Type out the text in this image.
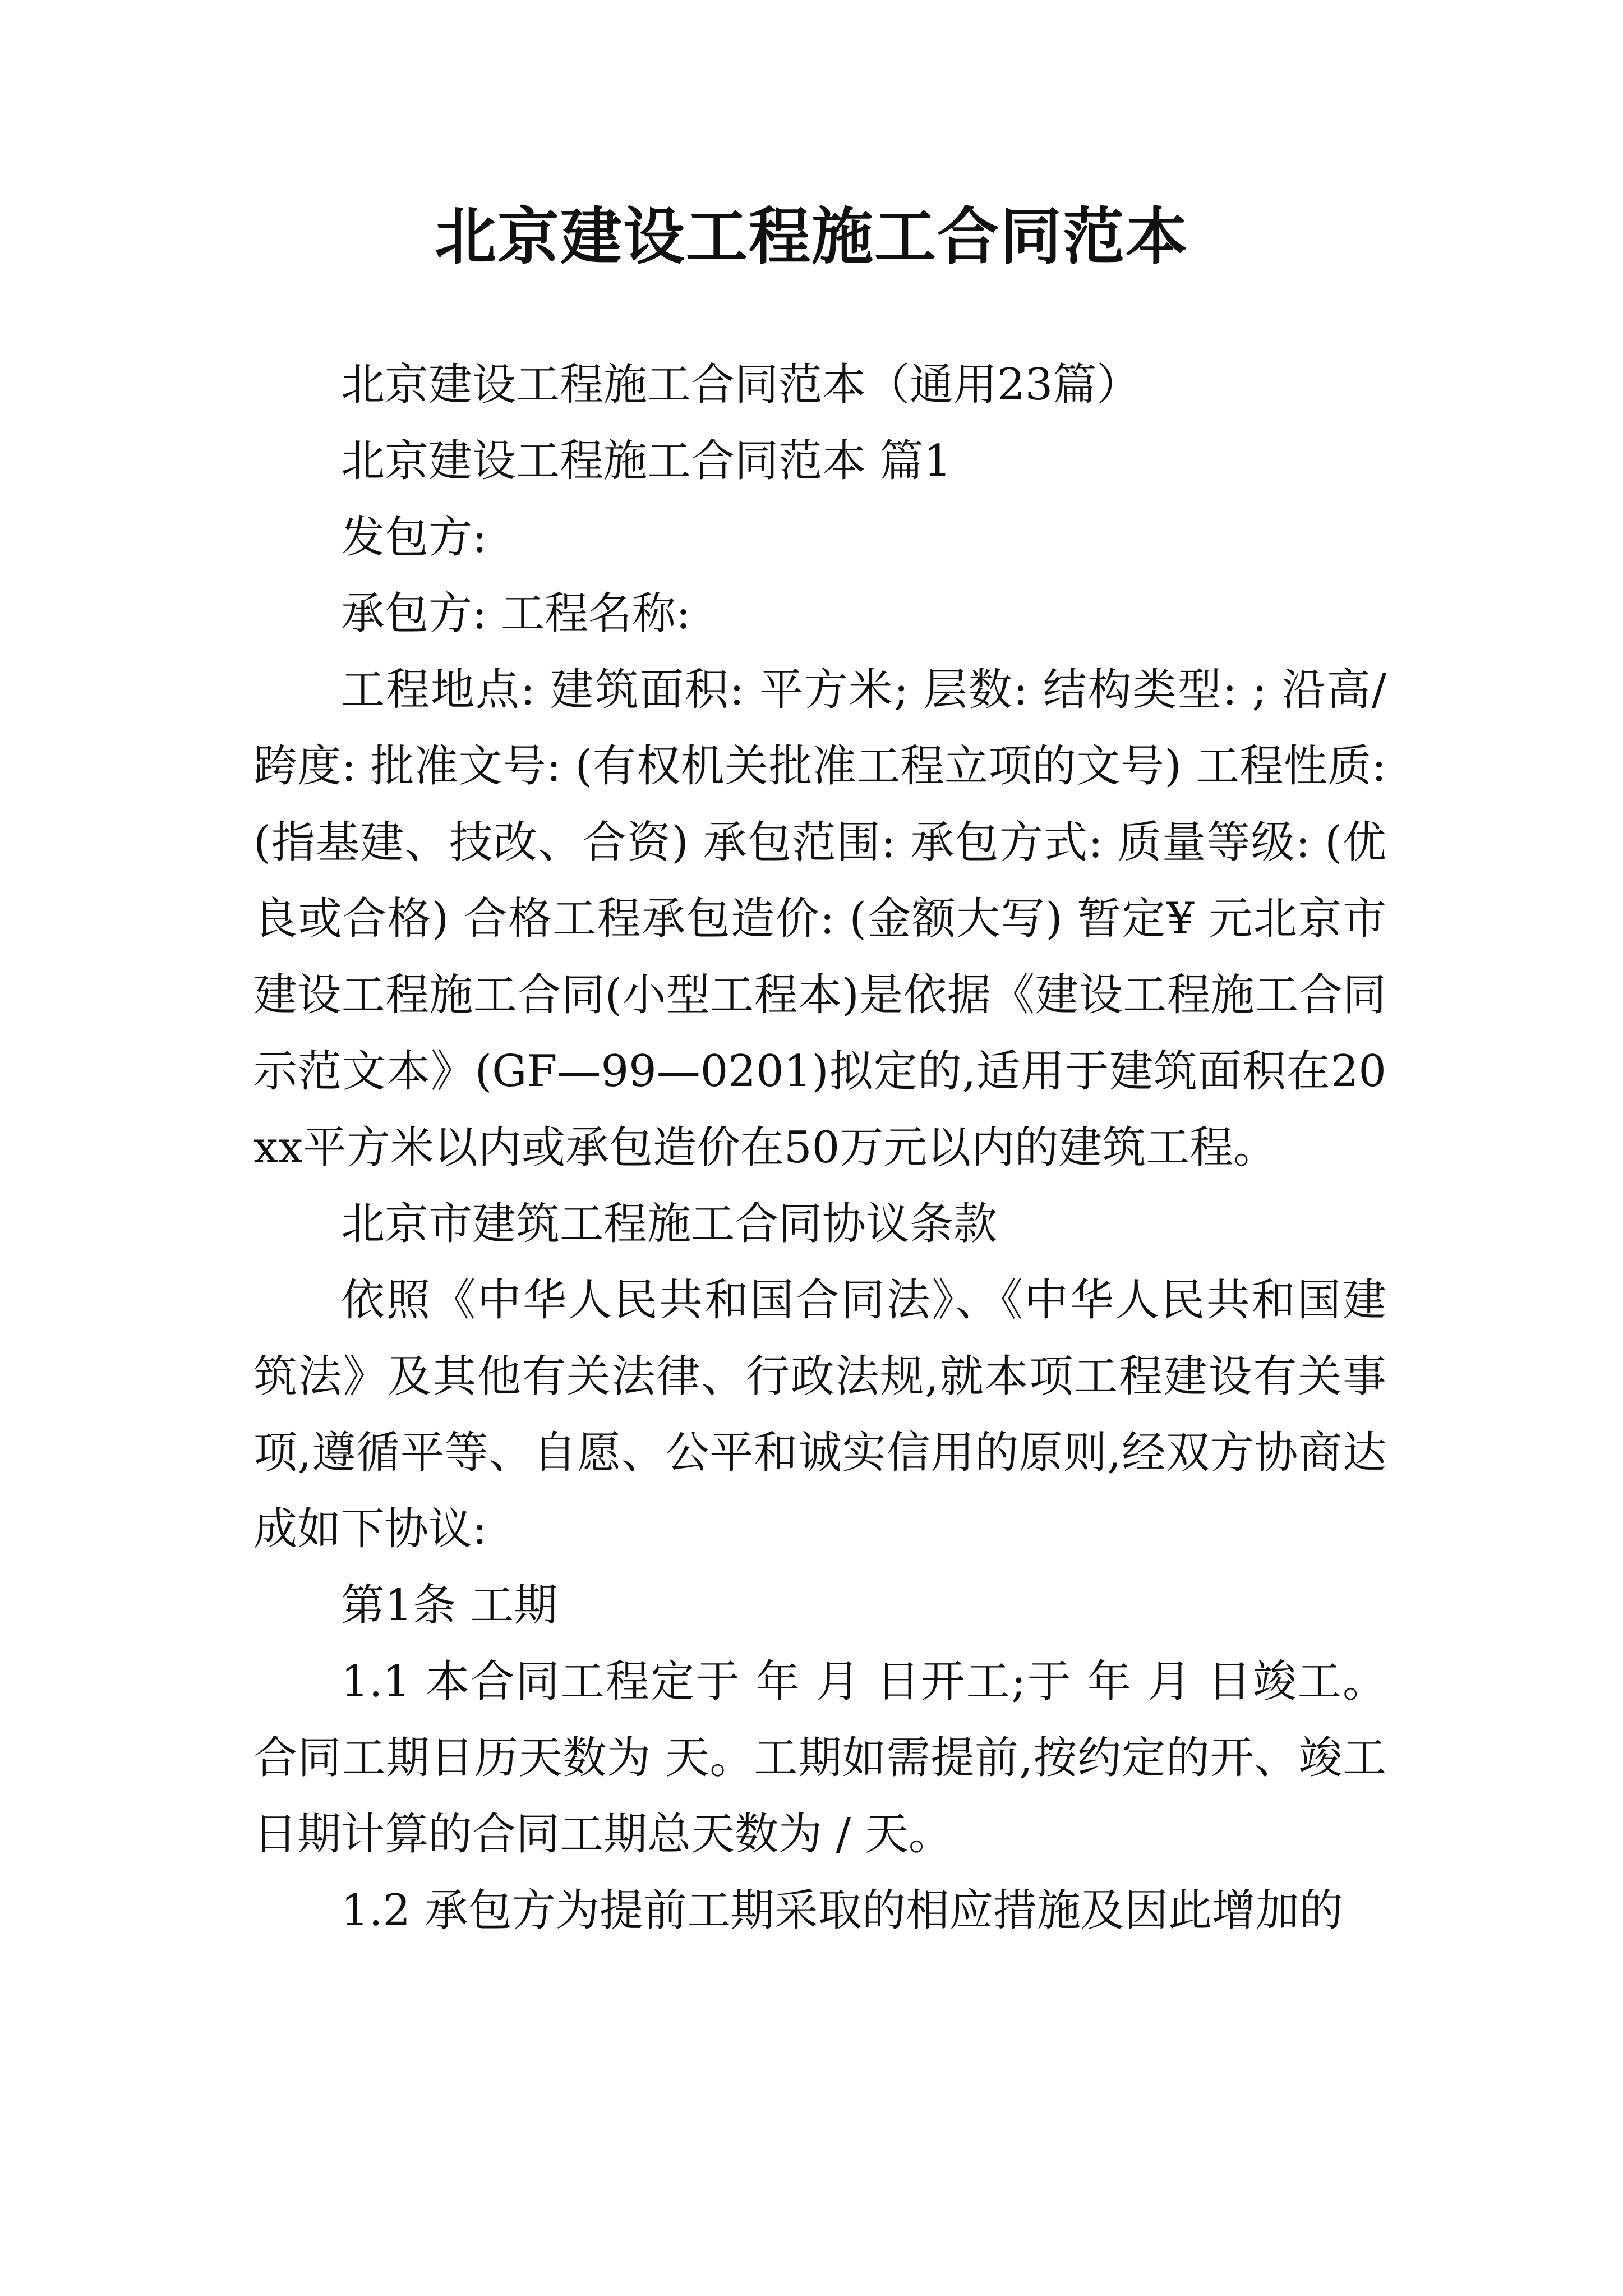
北京建设工程施工合同范本

北京建设工程施工合同范本（通用23篇）

北京建设工程施工合同范本 篇1

发包方:

承包方: 工程名称:

工程地点: 建筑面积: 平方米; 层数: 结构类型: ; 沿高/跨度: 批准文号: (有权机关批准工程立项的文号) 工程性质: (指基建、技改、合资) 承包范围: 承包方式: 质量等级: (优良或合格) 合格工程承包造价: (金额大写) 暂定¥ 元北京市建设工程施工合同(小型工程本)是依据《建设工程施工合同示范文本》(GF—99—0201)拟定的,适用于建筑面积在20xx平方米以内或承包造价在50万元以内的建筑工程。

北京市建筑工程施工合同协议条款

依照《中华人民共和国合同法》、《中华人民共和国建筑法》及其他有关法律、行政法规,就本项工程建设有关事项,遵循平等、自愿、公平和诚实信用的原则,经双方协商达成如下协议:

第1条 工期

1.1 本合同工程定于 年 月 日开工;于 年 月 日竣工。合同工期日历天数为 天。工期如需提前,按约定的开、竣工日期计算的合同工期总天数为 / 天。

1.2 承包方为提前工期采取的相应措施及因此增加的
